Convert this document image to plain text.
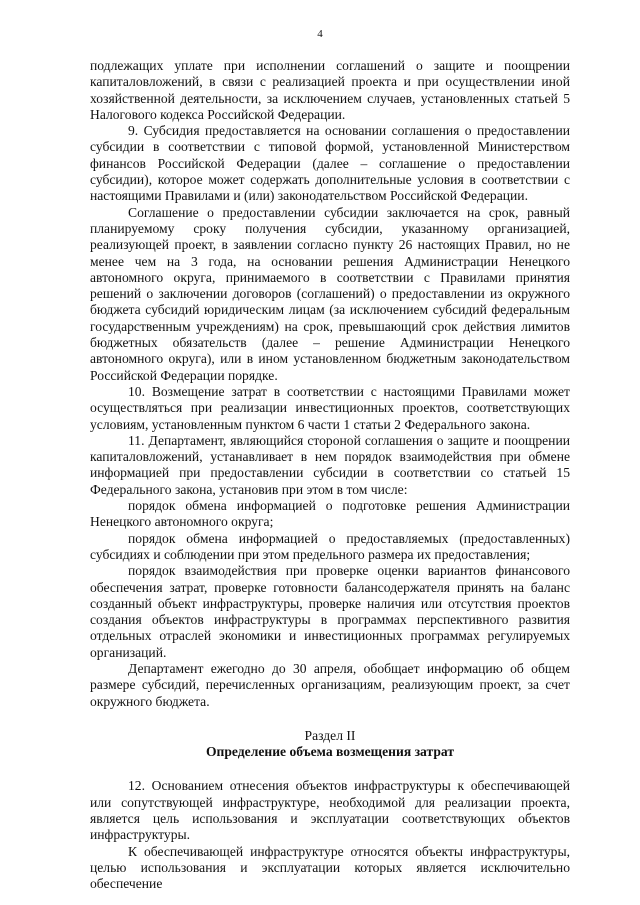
4

подлежащих уплате при исполнении соглашений о защите и поощрении капиталовложений, в связи с реализацией проекта и при осуществлении иной хозяйственной деятельности, за исключением случаев, установленных статьей 5 Налогового кодекса Российской Федерации.

9. Субсидия предоставляется на основании соглашения о предоставлении субсидии в соответствии с типовой формой, установленной Министерством финансов Российской Федерации (далее – соглашение о предоставлении субсидии), которое может содержать дополнительные условия в соответствии с настоящими Правилами и (или) законодательством Российской Федерации.

Соглашение о предоставлении субсидии заключается на срок, равный планируемому сроку получения субсидии, указанному организацией, реализующей проект, в заявлении согласно пункту 26 настоящих Правил, но не менее чем на 3 года, на основании решения Администрации Ненецкого автономного округа, принимаемого в соответствии с Правилами принятия решений о заключении договоров (соглашений) о предоставлении из окружного бюджета субсидий юридическим лицам (за исключением субсидий федеральным государственным учреждениям) на срок, превышающий срок действия лимитов бюджетных обязательств (далее – решение Администрации Ненецкого автономного округа), или в ином установленном бюджетным законодательством Российской Федерации порядке.

10. Возмещение затрат в соответствии с настоящими Правилами может осуществляться при реализации инвестиционных проектов, соответствующих условиям, установленным пунктом 6 части 1 статьи 2 Федерального закона.

11. Департамент, являющийся стороной соглашения о защите и поощрении капиталовложений, устанавливает в нем порядок взаимодействия при обмене информацией при предоставлении субсидии в соответствии со статьей 15 Федерального закона, установив при этом в том числе:

порядок обмена информацией о подготовке решения Администрации Ненецкого автономного округа;

порядок обмена информацией о предоставляемых (предоставленных) субсидиях и соблюдении при этом предельного размера их предоставления;

порядок взаимодействия при проверке оценки вариантов финансового обеспечения затрат, проверке готовности балансодержателя принять на баланс созданный объект инфраструктуры, проверке наличия или отсутствия проектов создания объектов инфраструктуры в программах перспективного развития отдельных отраслей экономики и инвестиционных программах регулируемых организаций.

Департамент ежегодно до 30 апреля, обобщает информацию об общем размере субсидий, перечисленных организациям, реализующим проект, за счет окружного бюджета.

Раздел II
Определение объема возмещения затрат

12. Основанием отнесения объектов инфраструктуры к обеспечивающей или сопутствующей инфраструктуре, необходимой для реализации проекта, является цель использования и эксплуатации соответствующих объектов инфраструктуры.

К обеспечивающей инфраструктуре относятся объекты инфраструктуры, целью использования и эксплуатации которых является исключительно обеспечение
